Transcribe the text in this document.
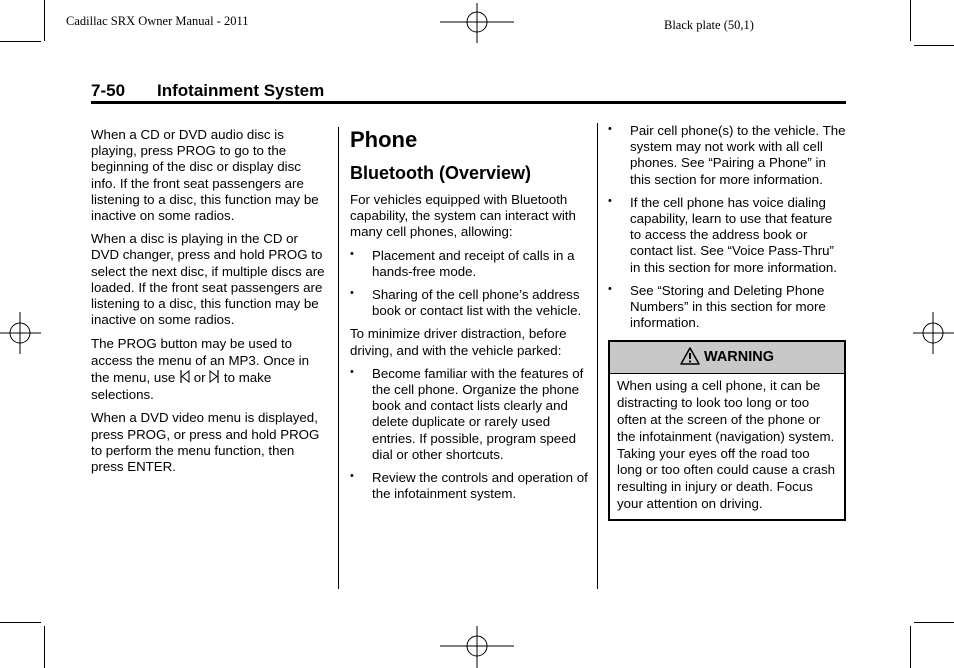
Cadillac SRX Owner Manual - 2011	Black plate (50,1)
7-50 Infotainment System

When a CD or DVD audio disc is playing, press PROG to go to the beginning of the disc or display disc info. If the front seat passengers are listening to a disc, this function may be inactive on some radios.

When a disc is playing in the CD or DVD changer, press and hold PROG to select the next disc, if multiple discs are loaded. If the front seat passengers are listening to a disc, this function may be inactive on some radios.

The PROG button may be used to access the menu of an MP3. Once in the menu, use or to make selections.

When a DVD video menu is displayed, press PROG, or press and hold PROG to perform the menu function, then press ENTER.

Phone
Bluetooth (Overview)

For vehicles equipped with Bluetooth capability, the system can interact with many cell phones, allowing:

• Placement and receipt of calls in a hands-free mode.
• Sharing of the cell phone’s address book or contact list with the vehicle.

To minimize driver distraction, before driving, and with the vehicle parked:

• Become familiar with the features of the cell phone. Organize the phone book and contact lists clearly and delete duplicate or rarely used entries. If possible, program speed dial or other shortcuts.
• Review the controls and operation of the infotainment system.
• Pair cell phone(s) to the vehicle. The system may not work with all cell phones. See “Pairing a Phone” in this section for more information.
• If the cell phone has voice dialing capability, learn to use that feature to access the address book or contact list. See “Voice Pass-Thru” in this section for more information.
• See “Storing and Deleting Phone Numbers” in this section for more information.
WARNING
When using a cell phone, it can be distracting to look too long or too often at the screen of the phone or the infotainment (navigation) system. Taking your eyes off the road too long or too often could cause a crash resulting in injury or death. Focus your attention on driving.
